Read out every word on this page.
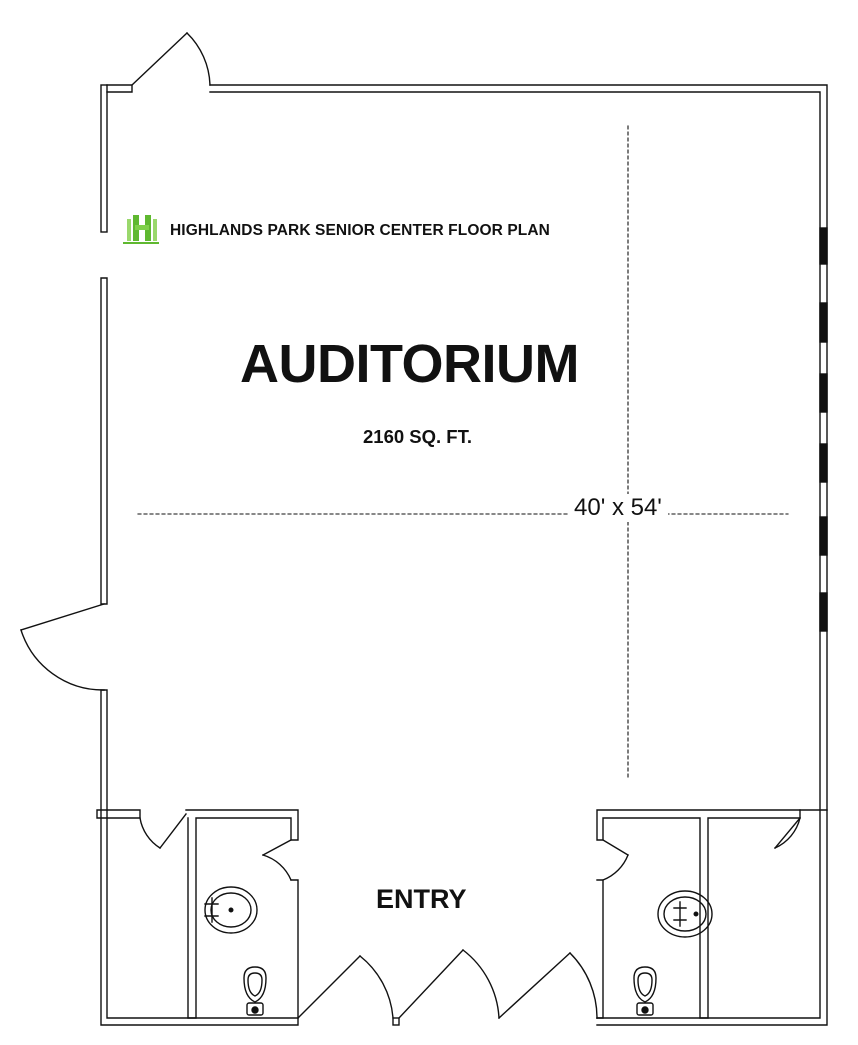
HIGHLANDS PARK SENIOR CENTER FLOOR PLAN
AUDITORIUM
2160 SQ. FT.
40' x 54'
ENTRY
